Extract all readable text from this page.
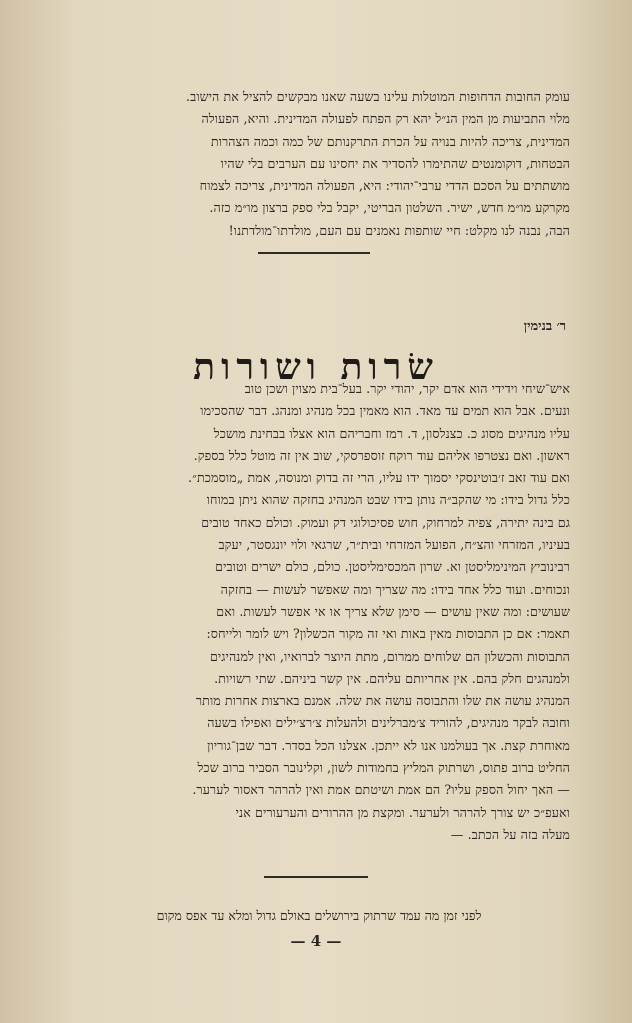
עומק החובות הדחופות המוטלות עלינו בשעה שאנו מבקשים להציל את הישוב.
מלוי התביעות מן המין הנ״ל יהא רק הפתח לפעולה המדינית. והיא, הפעולה
המדינית, צריכה להיות בנויה על הכרת התרקנותם של כמה וכמה הצהרות
הבטחות, דוקומנטים שהתימרו להסדיר את יחסינו עם הערבים בלי שהיו
מושתתים על הסכם הדדי ערבי־יהודי: היא, הפעולה המדינית, צריכה לצמוח
מקרקע מו״מ חדש, ישיר. השלטון הבריטי, יקבל בלי ספק ברצון מו״מ כזה.
הבה, נבנה לנו מקלט: חיי שותפות נאמנים עם העם, מולדתו־מולדתנו!
ר׳ בנימין
שׂרות ושורות
איש־שיחי וידידי הוא אדם יקר, יהודי יקר. בעל־בית מצוין ושכן טוב
ונעים. אבל הוא תמים עד מאד. הוא מאמין בכל מנהיג ומנהג. דבר שהסכימו
עליו מנהיגים מסוג כ. כצנלסון, ד. רמז וחבריהם הוא אצלו בבחינת מושכל
ראשון. ואם נצטרפו אליהם עוד רוקח זוספרסקי, שוב אין זה מוטל כלל בספק.
ואם עוד זאב ז׳בוטינסקי יסמוך ידו עליו, הרי זה בדוק ומנוסה, אמת „מוסמכת״.
כלל גדול בידו: מי שהקב״ה נותן בידו שבט המנהיג בחזקה שהוא ניתן במוחו
גם בינה יתירה, צפיה למרחוק, חוש פסיכולוגי דק ועמוק. וכולם כאחד טובים
בעיניו, המזרחי והצ״ח, הפועל המזרחי ובית״ר, שרגאי ולוי יונגסטר, יעקב
רבינוביץ המינימליסטן וא. שרון המכסימליסטן. כולם, כולם ישרים וטובים
ונכוחים. ועוד כלל אחד בידו: מה שצריך ומה שאפשר לעשות — בחזקה
שעושים: ומה שאין עושים — סימן שלא צריך או אי אפשר לעשות. ואם
תאמר: אם כן התבוסות מאין באות ואי זה מקור הכשלון? ויש לומר ולייחס:
התבוסות והכשלון הם שלוחים ממרום, מתת היוצר לברואיו, ואין למנהיגים
ולמנהגים חלק בהם. אין אחריותם עליהם. אין קשר ביניהם. שתי רשויות.
המנהיג עושה את שלו והתבוסה עושה את שלה. אמנם בארצות אחרות מותר
וחובה לבקר מנהיגים, להוריד צ׳מברלינים ולהעלות צ׳רצ׳ילים ואפילו בשעה
מאוחרת קצת. אך בעולמנו אנו לא ייתכן. אצלנו הכל בסדר. דבר שבן־גוריון
החליט ברוב פתוס, ושרתוק המליץ בחמודות לשון, וקלינובר הסביר ברוב שכל
— האך יחול הספק עליו? הם אמת ושיטתם אמת ואין להרהר דאסור לערער.
ואעפ״כ יש צורך להרהר ולערער. ומקצת מן ההרורים והערעורים אני
מעלה בזה על הכתב. —
לפני זמן מה עמד שרתוק בירושלים באולם גדול ומלא עד אפס מקום
— 4 —
